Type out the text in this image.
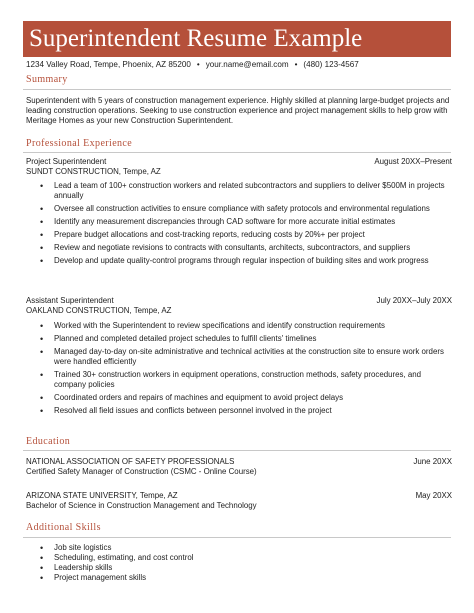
Superintendent Resume Example
1234 Valley Road, Tempe, Phoenix, AZ 85200 • your.name@email.com • (480) 123-4567
Summary
Superintendent with 5 years of construction management experience. Highly skilled at planning large-budget projects and leading construction operations. Seeking to use construction experience and project management skills to help grow with Meritage Homes as your new Construction Superintendent.
Professional Experience
Project Superintendent	August 20XX–Present
SUNDT CONSTRUCTION, Tempe, AZ
• Lead a team of 100+ construction workers and related subcontractors and suppliers to deliver $500M in projects annually
• Oversee all construction activities to ensure compliance with safety protocols and environmental regulations
• Identify any measurement discrepancies through CAD software for more accurate initial estimates
• Prepare budget allocations and cost-tracking reports, reducing costs by 20%+ per project
• Review and negotiate revisions to contracts with consultants, architects, subcontractors, and suppliers
• Develop and update quality-control programs through regular inspection of building sites and work progress
Assistant Superintendent	July 20XX–July 20XX
OAKLAND CONSTRUCTION, Tempe, AZ
• Worked with the Superintendent to review specifications and identify construction requirements
• Planned and completed detailed project schedules to fulfill clients' timelines
• Managed day-to-day on-site administrative and technical activities at the construction site to ensure work orders were handled efficiently
• Trained 30+ construction workers in equipment operations, construction methods, safety procedures, and company policies
• Coordinated orders and repairs of machines and equipment to avoid project delays
• Resolved all field issues and conflicts between personnel involved in the project
Education
NATIONAL ASSOCIATION OF SAFETY PROFESSIONALS	June 20XX
Certified Safety Manager of Construction (CSMC - Online Course)
ARIZONA STATE UNIVERSITY, Tempe, AZ	May 20XX
Bachelor of Science in Construction Management and Technology
Additional Skills
• Job site logistics
• Scheduling, estimating, and cost control
• Leadership skills
• Project management skills
